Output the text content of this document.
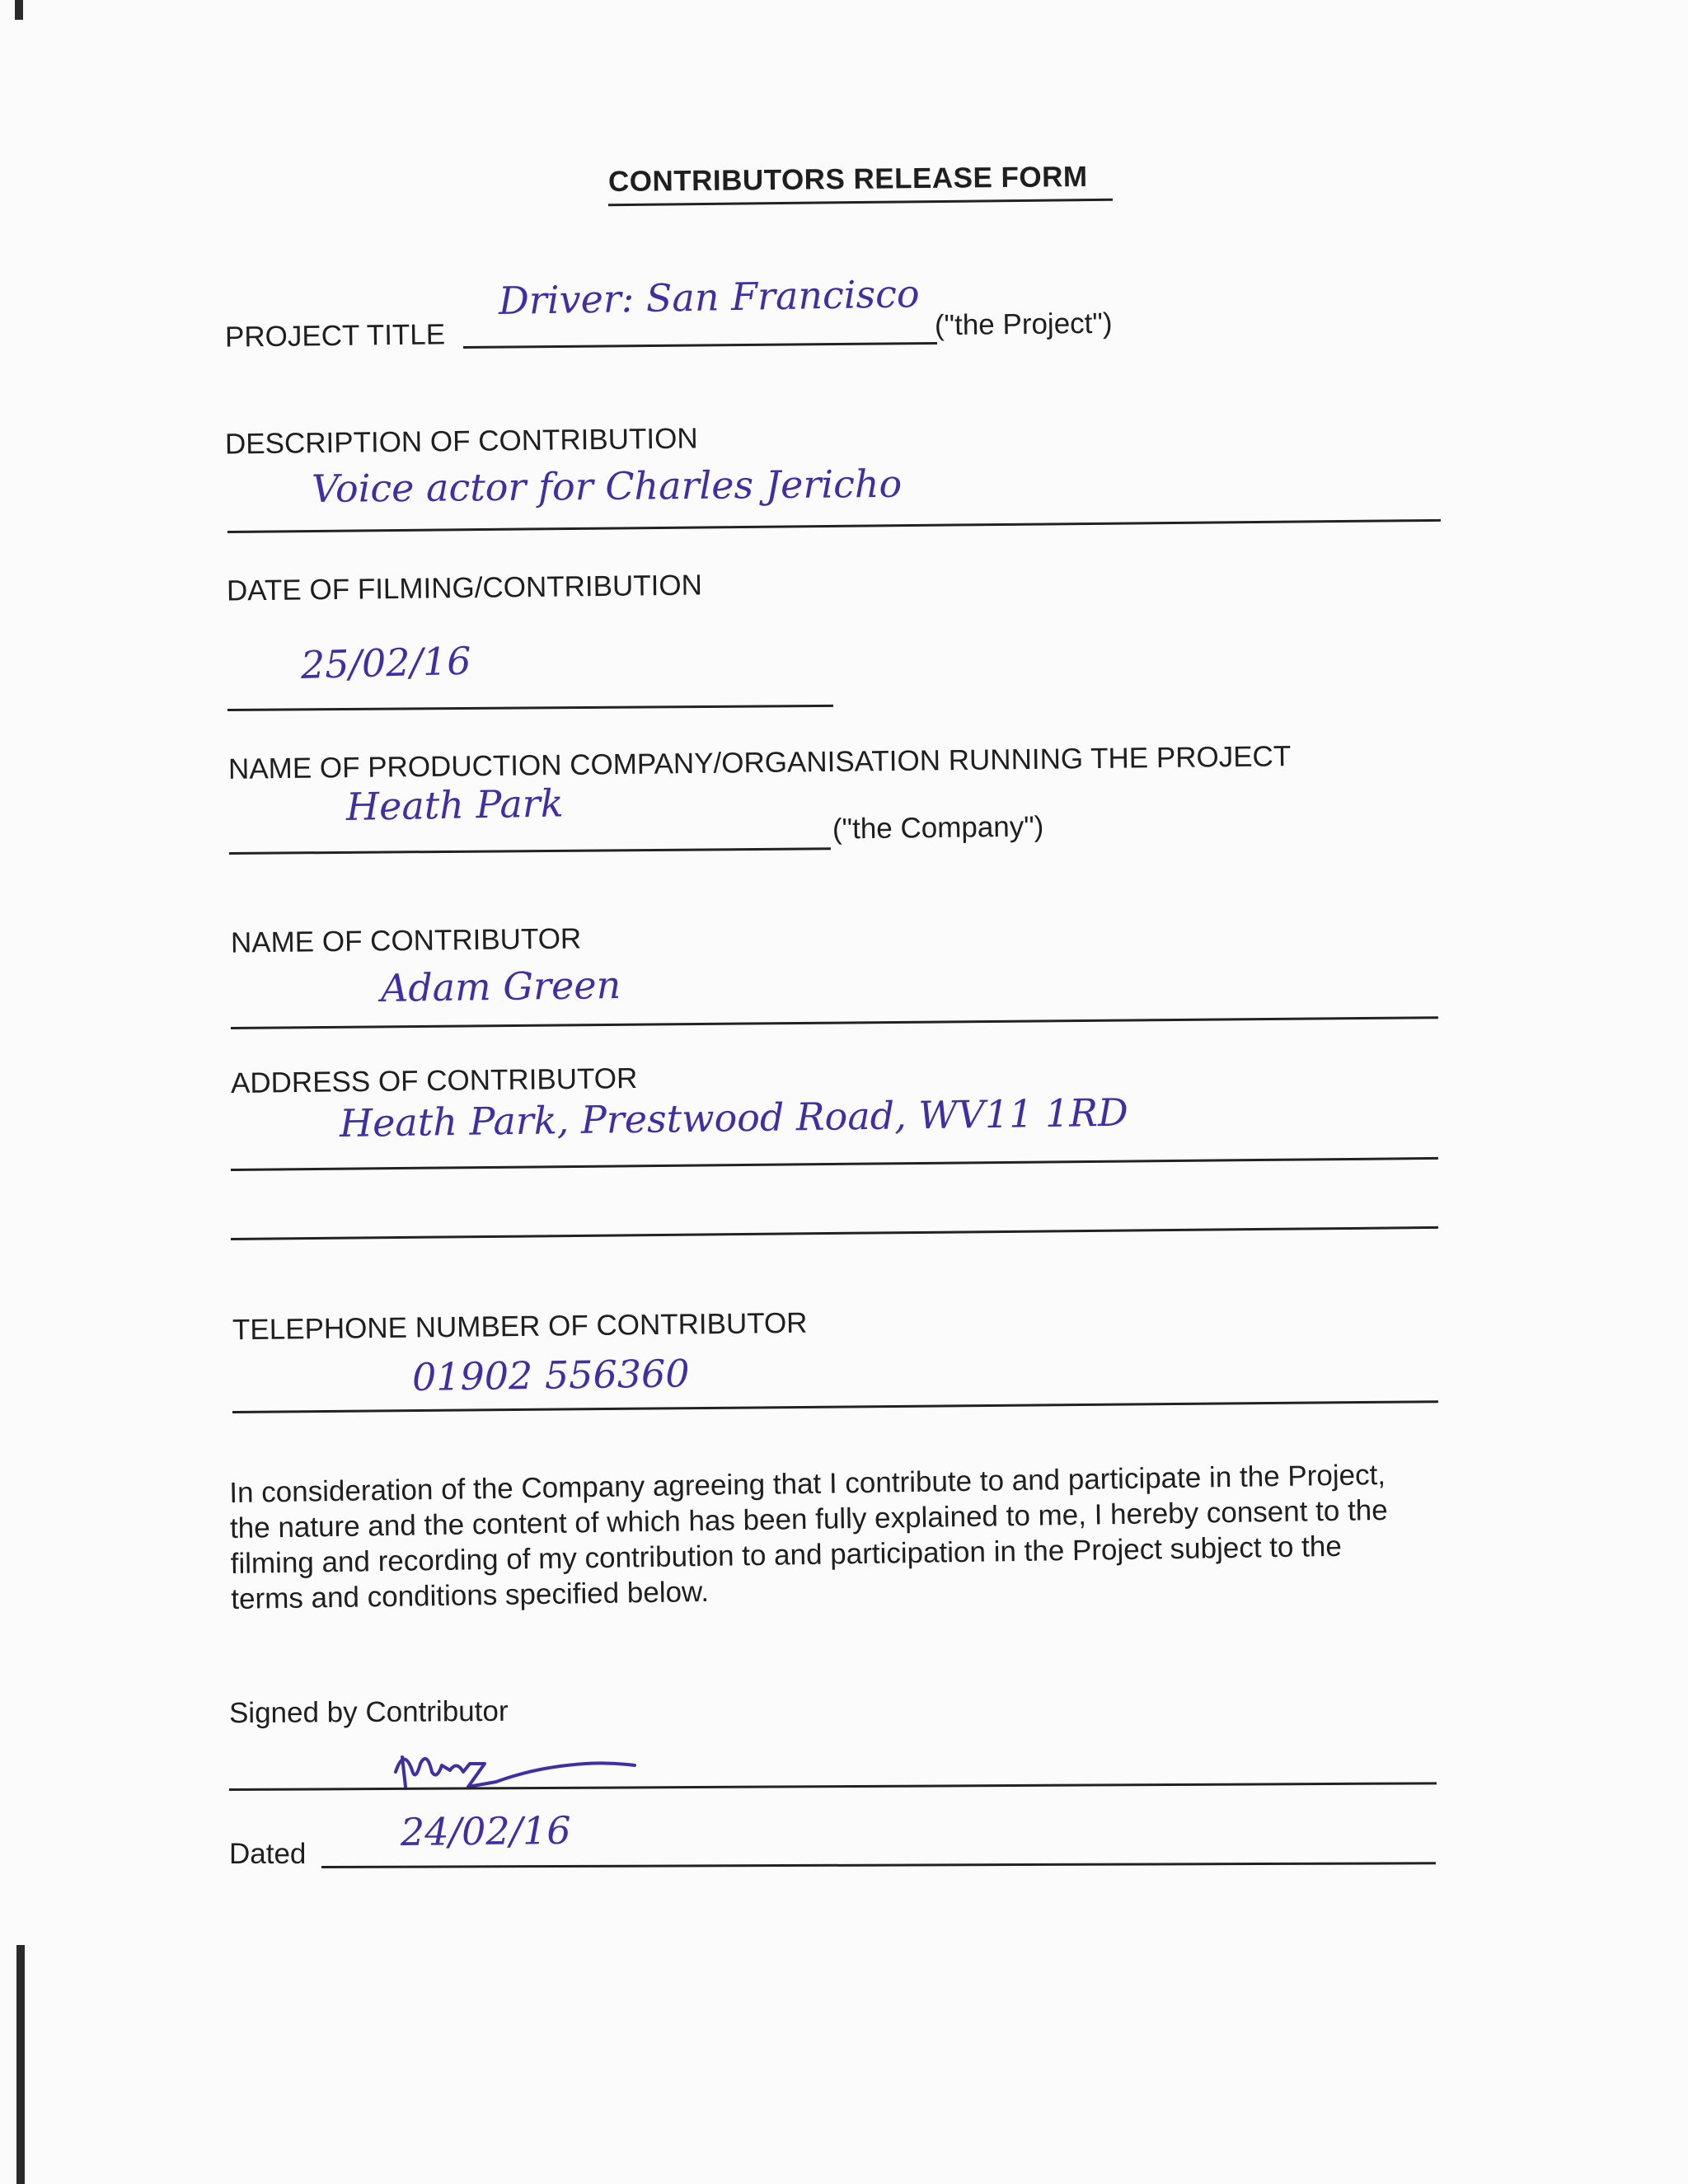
CONTRIBUTORS RELEASE FORM
PROJECT TITLE
Driver: San Francisco
("the Project")
DESCRIPTION OF CONTRIBUTION
Voice actor for Charles Jericho
DATE OF FILMING/CONTRIBUTION
25/02/16
NAME OF PRODUCTION COMPANY/ORGANISATION RUNNING THE PROJECT
Heath Park	("the Company")
NAME OF CONTRIBUTOR
Adam Green
ADDRESS OF CONTRIBUTOR
Heath Park, Prestwood Road, WV11 1RD
TELEPHONE NUMBER OF CONTRIBUTOR
01902 556360
In consideration of the Company agreeing that I contribute to and participate in the Project,
the nature and the content of which has been fully explained to me, I hereby consent to the
filming and recording of my contribution to and participation in the Project subject to the
terms and conditions specified below.
Signed by Contributor
Dated 24/02/16
